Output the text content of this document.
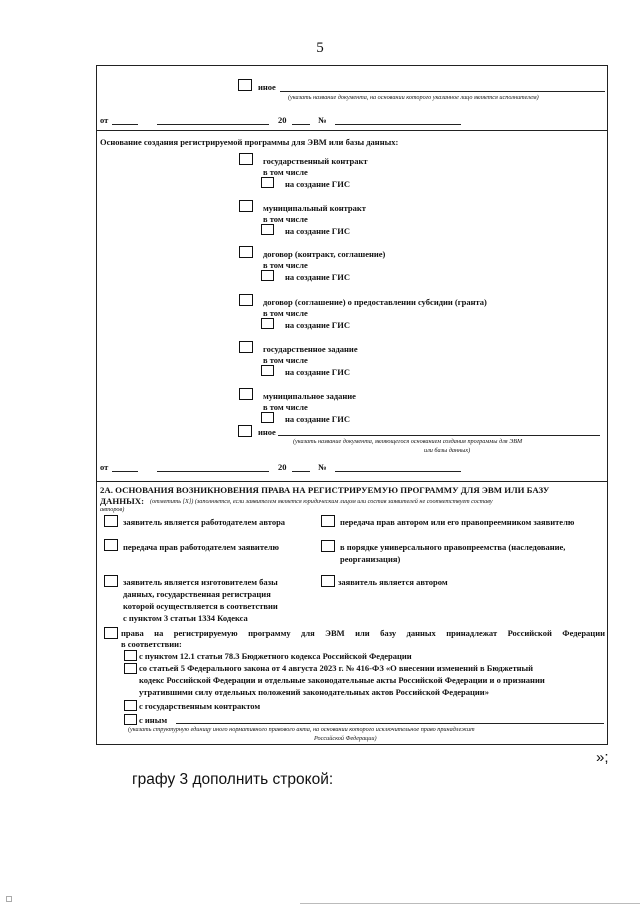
5
иное
(указать название документа, на основании которого указанное лицо является исполнителем)
от	20	№
Основание создания регистрируемой программы для ЭВМ или базы данных:
государственный контракт
в том числе
на создание ГИС
муниципальный контракт
в том числе
на создание ГИС
договор (контракт, соглашение)
в том числе
на создание ГИС
договор (соглашение) о предоставлении субсидии (гранта)
в том числе
на создание ГИС
государственное задание
в том числе
на создание ГИС
муниципальное задание
в том числе
на создание ГИС
иное
(указать название документа, являющегося основанием создания программы для ЭВМ
или базы данных)
от	20	№
2А. ОСНОВАНИЯ ВОЗНИКНОВЕНИЯ ПРАВА НА РЕГИСТРИРУЕМУЮ ПРОГРАММУ ДЛЯ ЭВМ ИЛИ БАЗУ
ДАННЫХ: (отметить [X]) (заполняется, если заявителем является юридическим лицом или состав заявителей не соответствует составу
авторов)
заявитель является работодателем автора	передача прав автором или его правопреемником заявителю
передача прав работодателем заявителю	в порядке универсального правопреемства (наследование,
реорганизация)
заявитель является изготовителем базы
данных, государственная регистрация
которой осуществляется в соответствии
с пунктом 3 статьи 1334 Кодекса
заявитель является автором
права на регистрируемую программу для ЭВМ или базу данных принадлежат Российской Федерации
в соответствии:
с пунктом 12.1 статьи 78.3 Бюджетного кодекса Российской Федерации
со статьей 5 Федерального закона от 4 августа 2023 г. № 416-ФЗ «О внесении изменений в Бюджетный
кодекс Российской Федерации и отдельные законодательные акты Российской Федерации и о признании
утратившими силу отдельных положений законодательных актов Российской Федерации»
с государственным контрактом
с иным
(указать структурную единицу иного нормативного правового акта, на основании которого исключительное право принадлежит
Российской Федерации)
»;
графу 3 дополнить строкой:
